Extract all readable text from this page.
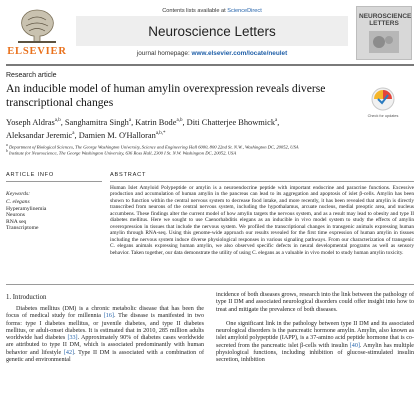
ELSEVIER
Contents lists available at ScienceDirect
Neuroscience Letters
journal homepage: www.elsevier.com/locate/neulet
NEUROSCIENCE LETTERS
Research article
An inducible model of human amylin overexpression reveals diverse transcriptional changes
Check for updates
Yoseph Aldras$^{a,b}$, Sanghamitra Singh$^a$, Katrin Bode$^{a,b}$, Diti Chatterjee Bhowmick$^a$,
Aleksandar Jeremic$^a$, Damien M. O'Halloran$^{a,b,*}$
$^a$ Department of Biological Sciences, The George Washington University, Science and Engineering Hall 6000, 800 22nd St. N.W., Washington DC, 20052, USA
$^b$ Institute for Neuroscience, The George Washington University, 636 Ross Hall, 2300 I St. N.W. Washington DC, 20052, USA
ARTICLE INFO
Keywords:
C. elegans
Hyperamylinemia
Neurons
RNA seq
Transcriptome
ABSTRACT
Human Islet Amyloid Polypeptide or amylin is a neuroendocrine peptide with important endocrine and paracrine functions. Excessive production and accumulation of human amylin in the pancreas can lead to its aggregation and apoptosis of islet β-cells. Amylin has been shown to function within the central nervous system to decrease food intake, and more recently, it has been revealed that amylin is directly transcribed from neurons of the central nervous system, including the hypothalamus, arcuate nucleus, medial preoptic area, and nucleus accumbens. These findings alter the current model of how amylin targets the nervous system, and as a result may lead to obesity and type II diabetes mellitus. Here we sought to use Caenorhabditis elegans as an inducible in vivo model system to study the effects of amylin overexpression in tissues that include the nervous system. We profiled the transcriptional changes in transgenic animals expressing human amylin through RNA-seq. Using this genome-wide approach our results revealed for the first time expression of human amylin in tissues including the nervous system induce diverse physiological responses in various signaling pathways. From our characterization of transgenic C. elegans animals expressing human amylin, we also observed specific defects in neural developmental programs as well as sensory behavior. Taken together, our data demonstrate the utility of using C. elegans as a valuable in vivo model to study human amylin toxicity.
1. Introduction

Diabetes mellitus (DM) is a chronic metabolic disease that has been the focus of medical study for millennia [16]. The disease is manifested in two forms: type I diabetes mellitus, or juvenile diabetes, and type II diabetes mellitus, or adult-onset diabetes. It is estimated that in 2010, 285 million adults worldwide had diabetes [33]. Approximately 90% of diabetes cases worldwide are attributed to type II DM, which is associated predominantly with human behavior and lifestyle [42]. Type II DM is associated with a combination of genetic and environmental

incidence of both diseases grows, research into the link between the pathology of type II DM and associated neurological disorders could offer insight into how to treat and mitigate the prevalence of both diseases.

One significant link in the pathology between type II DM and its associated neurological disorders is the pancreatic hormone amylin. Amylin, also known as islet amyloid polypeptide (IAPP), is a 37-amino acid peptide hormone that is co-secreted from the pancreatic islet β-cells with insulin [40]. Amylin has multiple physiological functions, including inhibition of glucose-stimulated insulin secretion, inhibition
